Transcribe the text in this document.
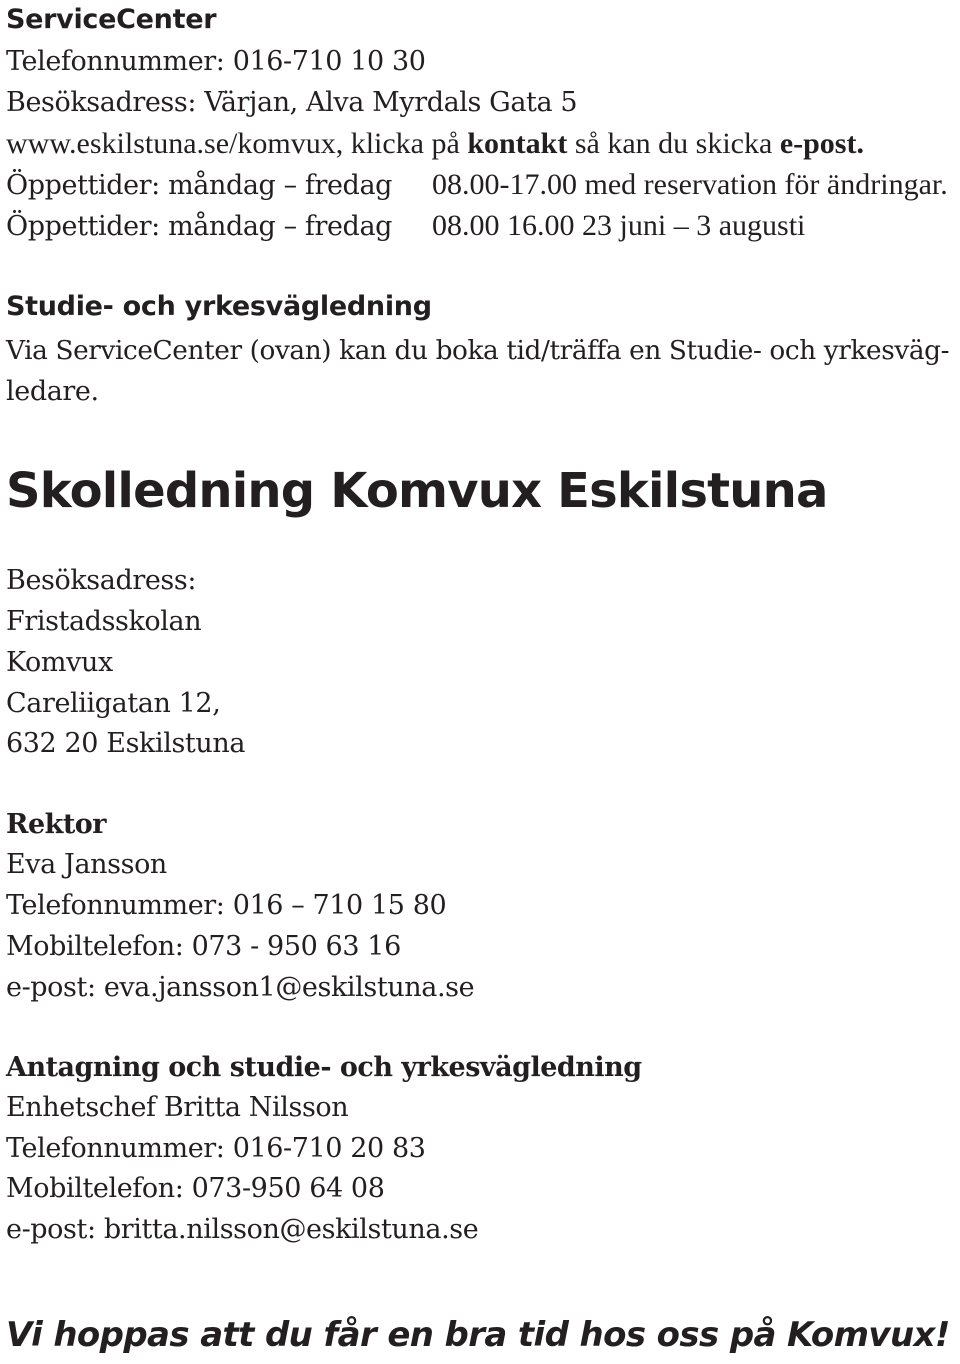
ServiceCenter
Telefonnummer: 016-710 10 30
Besöksadress: Värjan, Alva Myrdals Gata 5
www.eskilstuna.se/komvux, klicka på kontakt så kan du skicka e-post.
Öppettider: måndag – fredag 08.00-17.00 med reservation för ändringar.
Öppettider: måndag – fredag 08.00 16.00 23 juni – 3 augusti
Studie- och yrkesvägledning
Via ServiceCenter (ovan) kan du boka tid/träffa en Studie- och yrkesväg-
ledare.
Skolledning Komvux Eskilstuna
Besöksadress:
Fristadsskolan
Komvux
Careliigatan 12,
632 20 Eskilstuna
Rektor
Eva Jansson
Telefonnummer: 016 – 710 15 80
Mobiltelefon: 073 - 950 63 16
e-post: eva.jansson1@eskilstuna.se
Antagning och studie- och yrkesvägledning
Enhetschef Britta Nilsson
Telefonnummer: 016-710 20 83
Mobiltelefon: 073-950 64 08
e-post: britta.nilsson@eskilstuna.se
Vi hoppas att du får en bra tid hos oss på Komvux!
